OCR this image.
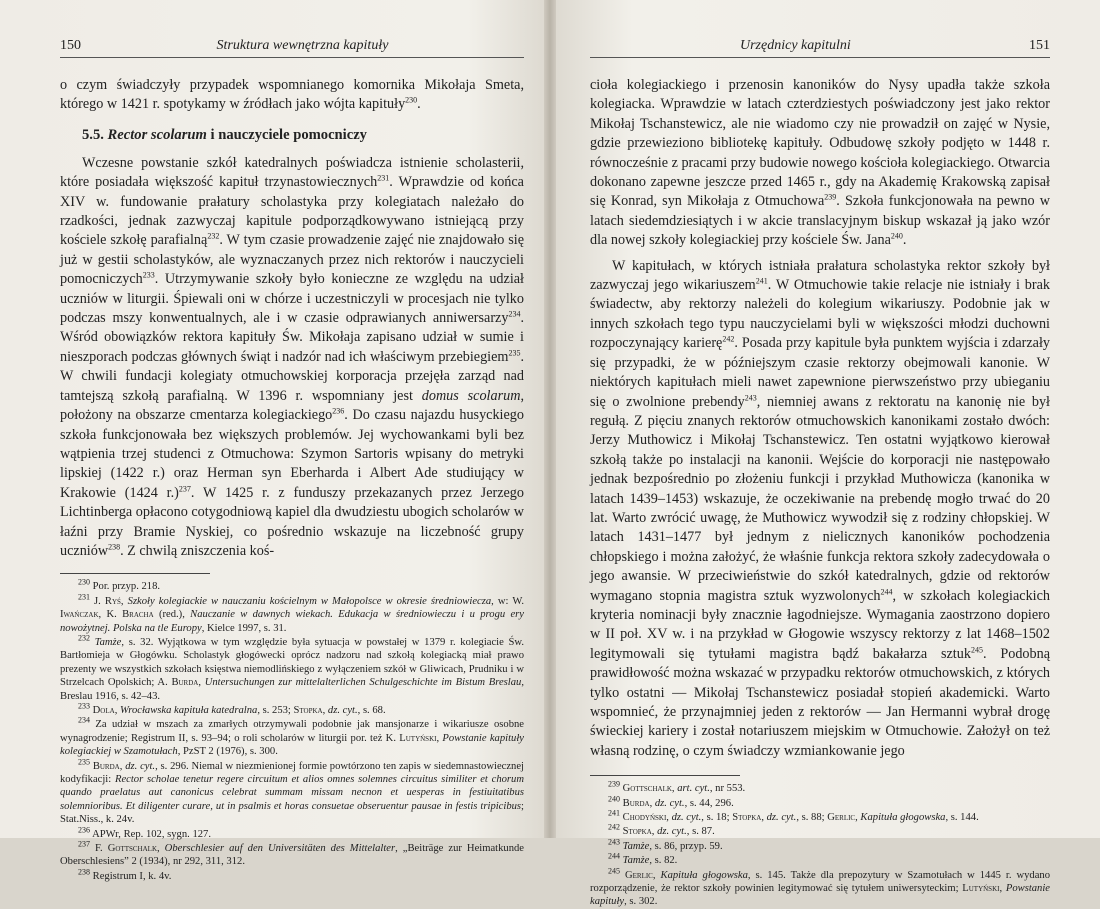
150	Struktura wewnętrzna kapituły

o czym świadczyły przypadek wspomnianego komornika Mikołaja Smeta, którego w 1421 r. spotykamy w źródłach jako wójta kapituły$^{230}$.

5.5. Rector scolarum i nauczyciele pomocniczy

Wczesne powstanie szkół katedralnych poświadcza istnienie scholasterii, które posiadała większość kapituł trzynastowiecznych$^{231}$. Wprawdzie od końca XIV w. fundowanie prałatury scholastyka przy kolegiatach należało do rzadkości, jednak zazwyczaj kapitule podporządkowywano istniejącą przy kościele szkołę parafialną$^{232}$. W tym czasie prowadzenie zajęć nie znajdowało się już w gestii scholastyków, ale wyznaczanych przez nich rektorów i nauczycieli pomocniczych$^{233}$. Utrzymywanie szkoły było konieczne ze względu na udział uczniów w liturgii. Śpiewali oni w chórze i uczestniczyli w procesjach nie tylko podczas mszy konwentualnych, ale i w czasie odprawianych anniwersarzy$^{234}$. Wśród obowiązków rektora kapituły Św. Mikołaja zapisano udział w sumie i nieszporach podczas głównych świąt i nadzór nad ich właściwym przebiegiem$^{235}$. W chwili fundacji kolegiaty otmuchowskiej korporacja przejęła zarząd nad tamtejszą szkołą parafialną. W 1396 r. wspomniany jest domus scolarum, położony na obszarze cmentarza kolegiackiego$^{236}$. Do czasu najazdu husyckiego szkoła funkcjonowała bez większych problemów. Jej wychowankami byli bez wątpienia trzej studenci z Otmuchowa: Szymon Sartoris wpisany do metryki lipskiej (1422 r.) oraz Herman syn Eberharda i Albert Ade studiujący w Krakowie (1424 r.)$^{237}$. W 1425 r. z funduszy przekazanych przez Jerzego Lichtinberga opłacono cotygodniową kapiel dla dwudziestu ubogich scholarów w łaźni przy Bramie Nyskiej, co pośrednio wskazuje na liczebność grupy uczniów$^{238}$. Z chwilą zniszczenia koś-

$^{230}$ Por. przyp. 218.
$^{231}$ J. Ryś, Szkoły kolegiackie w nauczaniu kościelnym w Małopolsce w okresie średniowiecza, w: W. Iwańczak, K. Bracha (red.), Nauczanie w dawnych wiekach. Edukacja w średniowieczu i u progu ery nowożytnej. Polska na tle Europy, Kielce 1997, s. 31.
$^{232}$ Tamże, s. 32. Wyjątkowa w tym względzie była sytuacja w powstałej w 1379 r. kolegiacie Św. Bartłomieja w Głogówku. Scholastyk głogówecki oprócz nadzoru nad szkołą kolegiacką miał prawo prezenty we wszystkich szkołach księstwa niemodlińskiego z wyłączeniem szkół w Gliwicach, Prudniku i w Strzelcach Opolskich; A. Burda, Untersuchungen zur mittelalterlichen Schulgeschichte im Bistum Breslau, Breslau 1916, s. 42–43.
$^{233}$ Dola, Wrocławska kapituła katedralna, s. 253; Stopka, dz. cyt., s. 68.
$^{234}$ Za udział w mszach za zmarłych otrzymywali podobnie jak mansjonarze i wikariusze osobne wynagrodzenie; Registrum II, s. 93–94; o roli scholarów w liturgii por. też K. Lutyński, Powstanie kapituły kolegiackiej w Szamotułach, PzST 2 (1976), s. 300.
$^{235}$ Burda, dz. cyt., s. 296. Niemal w niezmienionej formie powtórzono ten zapis w siedemnastowiecznej kodyfikacji: Rector scholae tenetur regere circuitum et alios omnes solemnes circuitus similiter et chorum quando praelatus aut canonicus celebrat summam missam necnon et uesperas in festiuitatibus solemnioribus. Et diligenter curare, ut in psalmis et horas consuetae obseruentur pausae in festis tripicibus; Stat.Niss., k. 24v.
$^{236}$ APWr, Rep. 102, sygn. 127.
$^{237}$ F. Gottschalk, Oberschlesier auf den Universitäten des Mittelalter, „Beiträge zur Heimatkunde Oberschlesiens” 2 (1934), nr 292, 311, 312.
$^{238}$ Registrum I, k. 4v.
Urzędnicy kapitulni	151

cioła kolegiackiego i przenosin kanoników do Nysy upadła także szkoła kolegiacka. Wprawdzie w latach czterdziestych poświadczony jest jako rektor Mikołaj Tschanstewicz, ale nie wiadomo czy nie prowadził on zajęć w Nysie, gdzie przewieziono bibliotekę kapituły. Odbudowę szkoły podjęto w 1448 r. równocześnie z pracami przy budowie nowego kościoła kolegiackiego. Otwarcia dokonano zapewne jeszcze przed 1465 r., gdy na Akademię Krakowską zapisał się Konrad, syn Mikołaja z Otmuchowa$^{239}$. Szkoła funkcjonowała na pewno w latach siedemdziesiątych i w akcie translacyjnym biskup wskazał ją jako wzór dla nowej szkoły kolegiackiej przy kościele Św. Jana$^{240}$.

W kapitułach, w których istniała prałatura scholastyka rektor szkoły był zazwyczaj jego wikariuszem$^{241}$. W Otmuchowie takie relacje nie istniały i brak świadectw, aby rektorzy należeli do kolegium wikariuszy. Podobnie jak w innych szkołach tego typu nauczycielami byli w większości młodzi duchowni rozpoczynający karierę$^{242}$. Posada przy kapitule była punktem wyjścia i zdarzały się przypadki, że w późniejszym czasie rektorzy obejmowali kanonie. W niektórych kapitułach mieli nawet zapewnione pierwszeństwo przy ubieganiu się o zwolnione prebendy$^{243}$, niemniej awans z rektoratu na kanonię nie był regułą. Z pięciu znanych rektorów otmuchowskich kanonikami zostało dwóch: Jerzy Muthowicz i Mikołaj Tschanstewicz. Ten ostatni wyjątkowo kierował szkołą także po instalacji na kanonii. Wejście do korporacji nie następowało jednak bezpośrednio po złożeniu funkcji i przykład Muthowicza (kanonika w latach 1439–1453) wskazuje, że oczekiwanie na prebendę mogło trwać do 20 lat. Warto zwrócić uwagę, że Muthowicz wywodził się z rodziny chłopskiej. W latach 1431–1477 był jednym z nielicznych kanoników pochodzenia chłopskiego i można założyć, że właśnie funkcja rektora szkoły zadecydowała o jego awansie. W przeciwieństwie do szkół katedralnych, gdzie od rektorów wymagano stopnia magistra sztuk wyzwolonych$^{244}$, w szkołach kolegiackich kryteria nominacji były znacznie łagodniejsze. Wymagania zaostrzono dopiero w II poł. XV w. i na przykład w Głogowie wszyscy rektorzy z lat 1468–1502 legitymowali się tytułami magistra bądź bakałarza sztuk$^{245}$. Podobną prawidłowość można wskazać w przypadku rektorów otmuchowskich, z których tylko ostatni — Mikołaj Tschanstewicz posiadał stopień akademicki. Warto wspomnieć, że przynajmniej jeden z rektorów — Jan Hermanni wybrał drogę świeckiej kariery i został notariuszem miejskim w Otmuchowie. Założył on też własną rodzinę, o czym świadczy wzmiankowanie jego

$^{239}$ Gottschalk, art. cyt., nr 553.
$^{240}$ Burda, dz. cyt., s. 44, 296.
$^{241}$ Chodyński, dz. cyt., s. 18; Stopka, dz. cyt., s. 88; Gerlic, Kapituła głogowska, s. 144.
$^{242}$ Stopka, dz. cyt., s. 87.
$^{243}$ Tamże, s. 86, przyp. 59.
$^{244}$ Tamże, s. 82.
$^{245}$ Gerlic, Kapituła głogowska, s. 145. Także dla prepozytury w Szamotułach w 1445 r. wydano rozporządzenie, że rektor szkoły powinien legitymować się tytułem uniwersyteckim; Lutyński, Powstanie kapituły, s. 302.
